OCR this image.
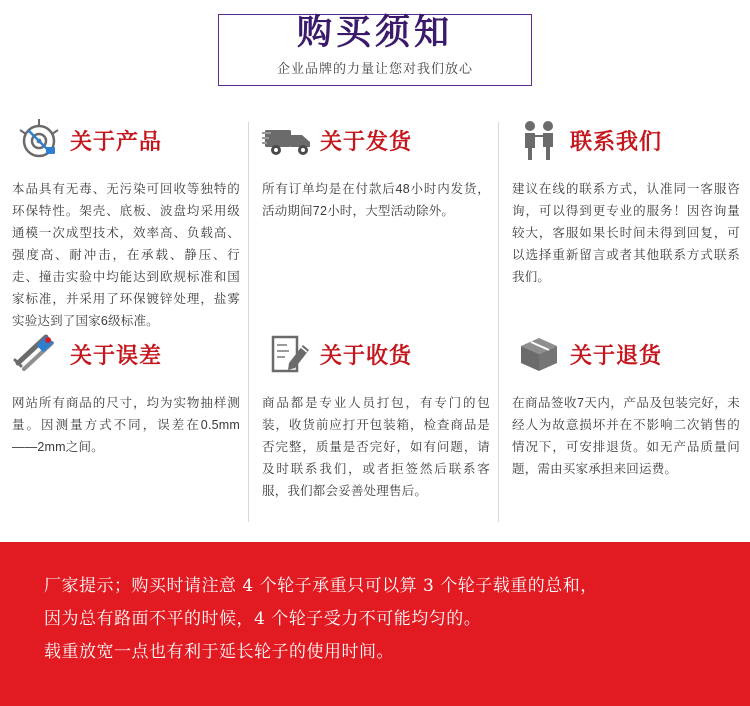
购买须知
企业品牌的力量让您对我们放心
关于产品
本品具有无毒、无污染可回收等独特的环保特性。架壳、底板、波盘均采用级通模一次成型技术，效率高、负载高、强度高、耐冲击，在承载、静压、行走、撞击实验中均能达到欧规标准和国家标准，并采用了环保镀锌处理，盐雾实验达到了国家6级标准。
关于发货
所有订单均是在付款后48小时内发货，活动期间72小时，大型活动除外。
联系我们
建议在线的联系方式，认准同一客服咨询，可以得到更专业的服务！因咨询量较大，客服如果长时间未得到回复，可以选择重新留言或者其他联系方式联系我们。
关于误差
网站所有商品的尺寸，均为实物抽样测量。因测量方式不同，误差在0.5mm——2mm之间。
关于收货
商品都是专业人员打包，有专门的包装，收货前应打开包装箱，检查商品是否完整，质量是否完好，如有问题，请及时联系我们，或者拒签然后联系客服，我们都会妥善处理售后。
关于退货
在商品签收7天内，产品及包装完好，未经人为故意损坏并在不影响二次销售的情况下，可安排退货。如无产品质量问题，需由买家承担来回运费。
厂家提示；购买时请注意 4 个轮子承重只可以算 3 个轮子载重的总和，
因为总有路面不平的时候，4 个轮子受力不可能均匀的。
载重放宽一点也有利于延长轮子的使用时间。
